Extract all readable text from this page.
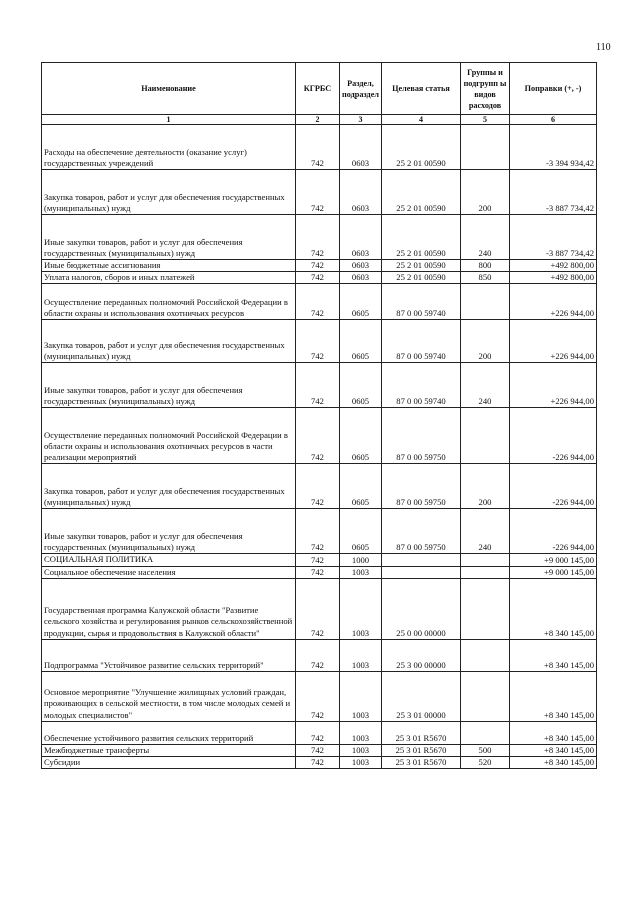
110
Наименование	КГРБС	Раздел, подраздел	Целевая статья	Группы и подгрупп ы видов расходов	Поправки (+, -)
1	2	3	4	5	6
Расходы на обеспечение деятельности (оказание услуг) государственных учреждений	742	0603	25 2 01 00590		-3 394 934,42
Закупка товаров, работ и услуг для обеспечения государственных (муниципальных) нужд	742	0603	25 2 01 00590	200	-3 887 734,42
Иные закупки товаров, работ и услуг для обеспечения государственных (муниципальных) нужд	742	0603	25 2 01 00590	240	-3 887 734,42
Иные бюджетные ассигнования	742	0603	25 2 01 00590	800	+492 800,00
Уплата налогов, сборов и иных платежей	742	0603	25 2 01 00590	850	+492 800,00
Осуществление переданных полномочий Российской Федерации в области охраны и использования охотничьих ресурсов	742	0605	87 0 00 59740		+226 944,00
Закупка товаров, работ и услуг для обеспечения государственных (муниципальных) нужд	742	0605	87 0 00 59740	200	+226 944,00
Иные закупки товаров, работ и услуг для обеспечения государственных (муниципальных) нужд	742	0605	87 0 00 59740	240	+226 944,00
Осуществление переданных полномочий Российской Федерации в области охраны и использования охотничьих ресурсов в части реализации мероприятий	742	0605	87 0 00 59750		-226 944,00
Закупка товаров, работ и услуг для обеспечения государственных (муниципальных) нужд	742	0605	87 0 00 59750	200	-226 944,00
Иные закупки товаров, работ и услуг для обеспечения государственных (муниципальных) нужд	742	0605	87 0 00 59750	240	-226 944,00
СОЦИАЛЬНАЯ ПОЛИТИКА	742	1000			+9 000 145,00
Социальное обеспечение населения	742	1003			+9 000 145,00
Государственная программа Калужской области "Развитие сельского хозяйства и регулирования рынков сельскохозяйственной продукции, сырья и продовольствия в Калужской области"	742	1003	25 0 00 00000		+8 340 145,00
Подпрограмма "Устойчивое развитие сельских территорий"	742	1003	25 3 00 00000		+8 340 145,00
Основное мероприятие "Улучшение жилищных условий граждан, проживающих в сельской местности, в том числе молодых семей и молодых специалистов"	742	1003	25 3 01 00000		+8 340 145,00
Обеспечение устойчивого развития сельских территорий	742	1003	25 3 01 R5670		+8 340 145,00
Межбюджетные трансферты	742	1003	25 3 01 R5670	500	+8 340 145,00
Субсидии	742	1003	25 3 01 R5670	520	+8 340 145,00
